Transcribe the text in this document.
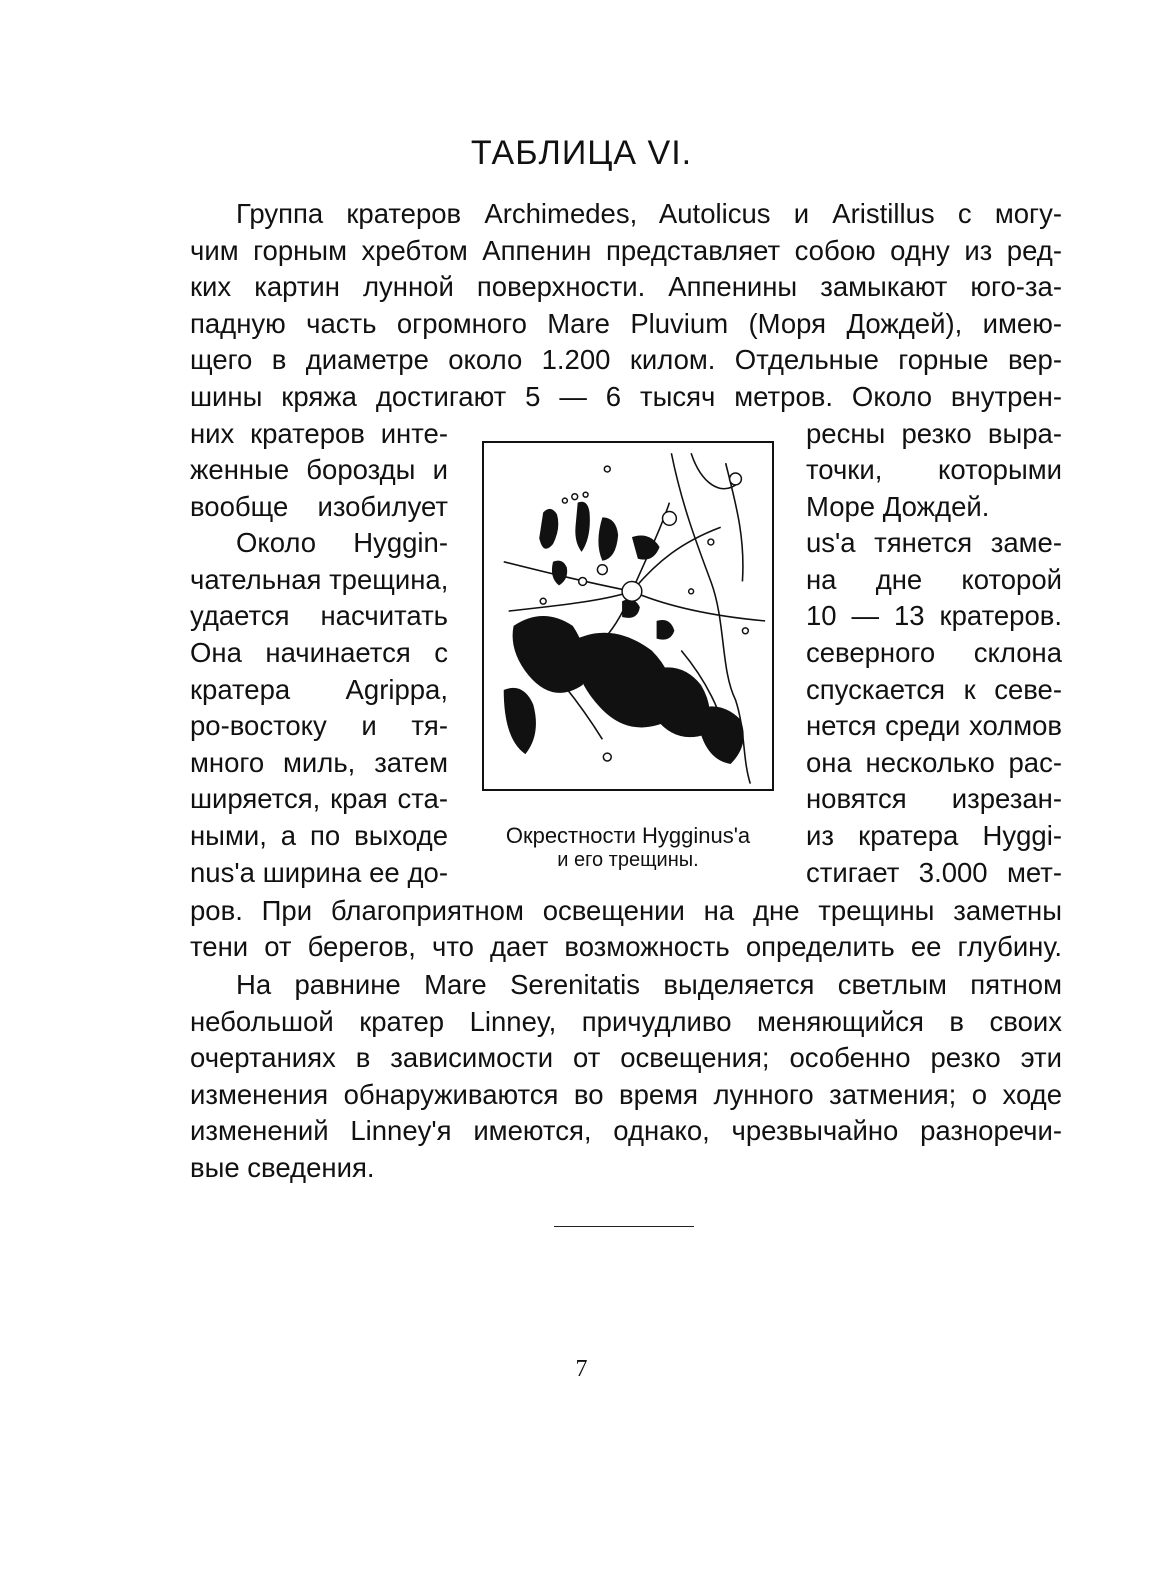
ТАБЛИЦА VI.
Группа кратеров Archimedes, Autolicus и Aristillus с могу-
чим горным хребтом Аппенин представляет собою одну из ред-
ких картин лунной поверхности. Аппенины замыкают юго-за-
падную часть огромного Mare Pluvium (Моря Дождей), имею-
щего в диаметре около 1.200 килом. Отдельные горные вер-
шины кряжа достигают 5 — 6 тысяч метров. Около внутрен-
них кратеров инте-
женные борозды и
вообще изобилует
Около Hyggin-
чательная трещина,
удается насчитать
Она начинается с
кратера Agrippa,
ро-востоку и тя-
много миль, затем
ширяется, края ста-
ными, а по выходе
nus'a ширина ее до-
ресны резко выра-
точки, которыми
Море Дождей.
us'a тянется заме-
на дне которой
10 — 13 кратеров.
северного склона
спускается к севе-
нется среди холмов
она несколько рас-
новятся изрезан-
из кратера Hyggi-
стигает 3.000 мет-
Окрестности Hygginus'a
и его трещины.
ров. При благоприятном освещении на дне трещины заметны
тени от берегов, что дает возможность определить ее глубину.
На равнине Mare Serenitatis выделяется светлым пятном
небольшой кратер Linney, причудливо меняющийся в своих
очертаниях в зависимости от освещения; особенно резко эти
изменения обнаруживаются во время лунного затмения; о ходе
изменений Linney'я имеются, однако, чрезвычайно разноречи-
вые сведения.
7
